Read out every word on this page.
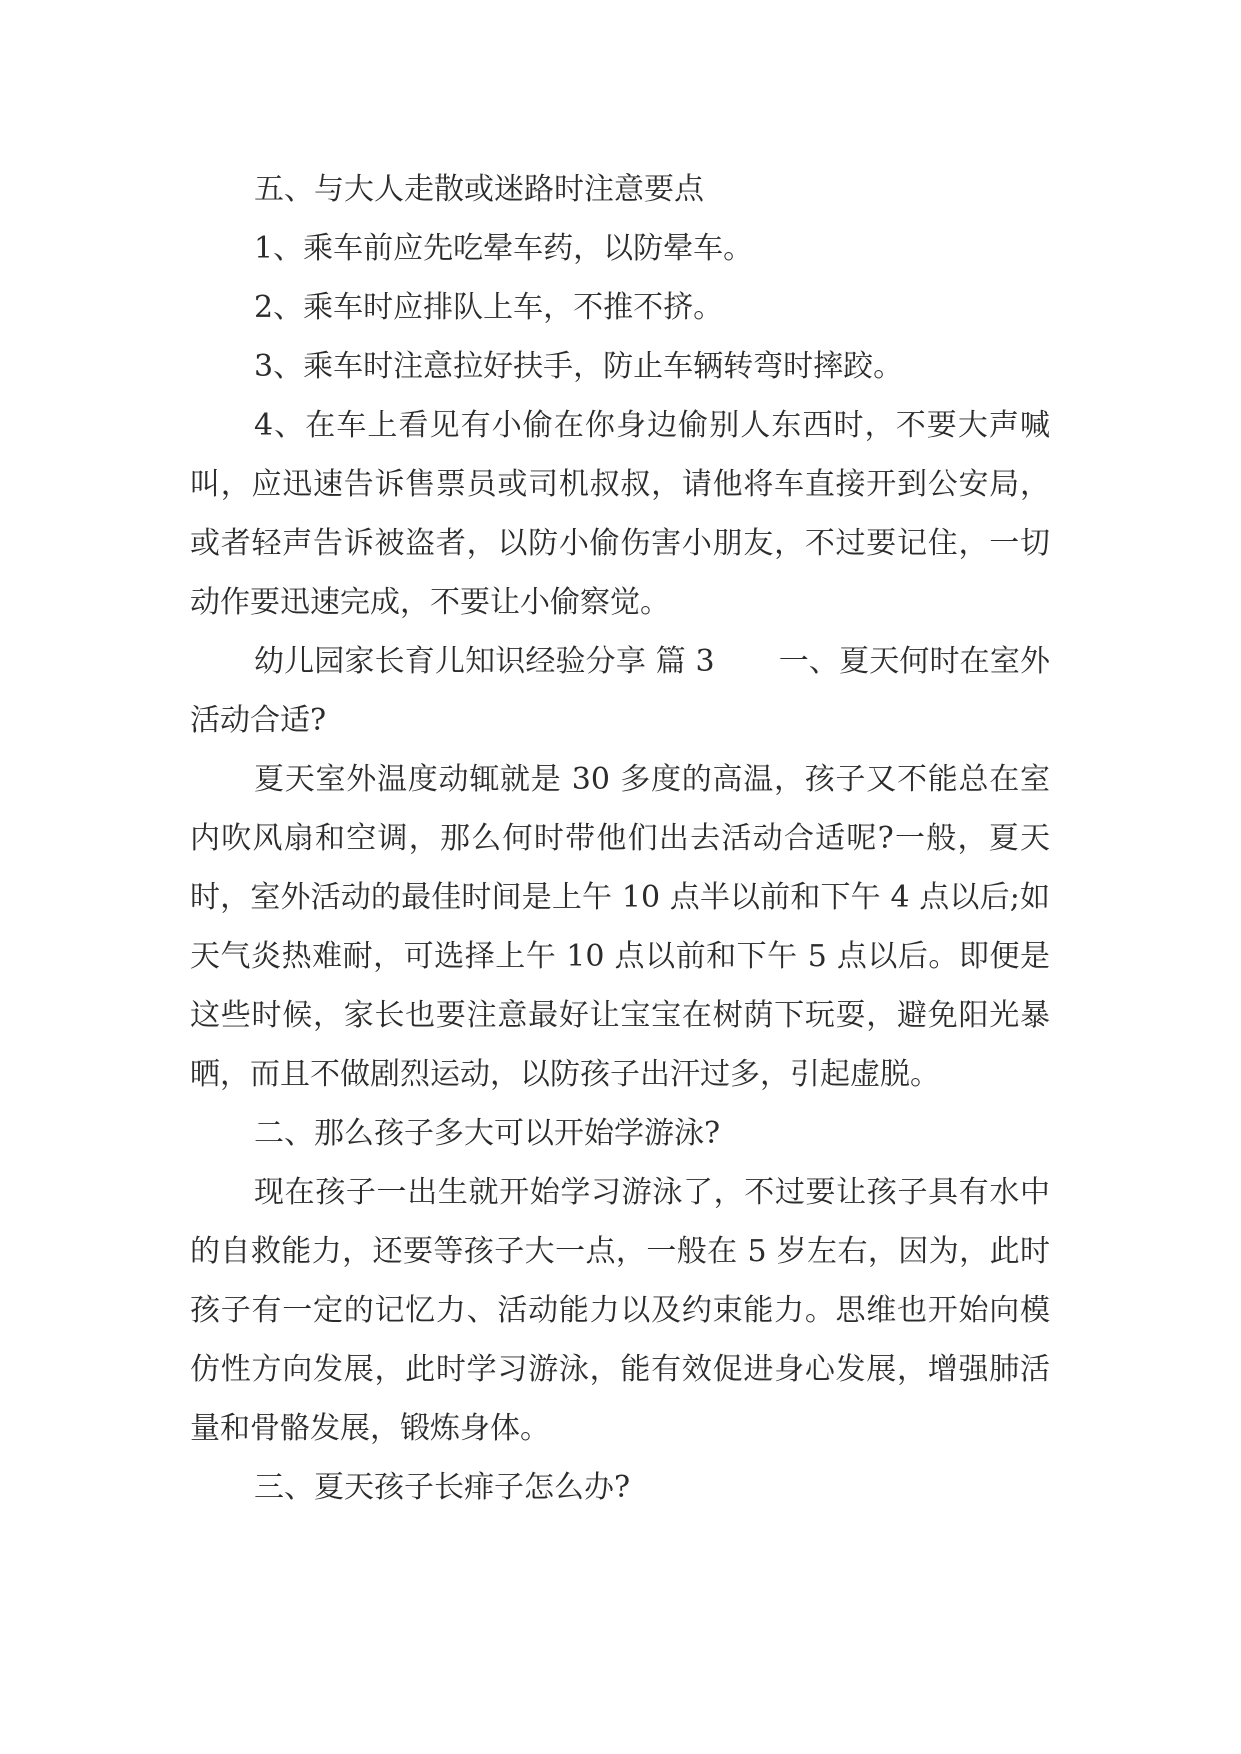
五、与大人走散或迷路时注意要点

1、乘车前应先吃晕车药，以防晕车。

2、乘车时应排队上车，不推不挤。

3、乘车时注意拉好扶手，防止车辆转弯时摔跤。

4、在车上看见有小偷在你身边偷别人东西时，不要大声喊叫，应迅速告诉售票员或司机叔叔，请他将车直接开到公安局，或者轻声告诉被盗者，以防小偷伤害小朋友，不过要记住，一切动作要迅速完成，不要让小偷察觉。

幼儿园家长育儿知识经验分享 篇 3 一、夏天何时在室外活动合适?

夏天室外温度动辄就是 30 多度的高温，孩子又不能总在室内吹风扇和空调，那么何时带他们出去活动合适呢?一般，夏天时，室外活动的最佳时间是上午 10 点半以前和下午 4 点以后;如天气炎热难耐，可选择上午 10 点以前和下午 5 点以后。即便是这些时候，家长也要注意最好让宝宝在树荫下玩耍，避免阳光暴晒，而且不做剧烈运动，以防孩子出汗过多，引起虚脱。

二、那么孩子多大可以开始学游泳?

现在孩子一出生就开始学习游泳了，不过要让孩子具有水中的自救能力，还要等孩子大一点，一般在 5 岁左右，因为，此时孩子有一定的记忆力、活动能力以及约束能力。思维也开始向模仿性方向发展，此时学习游泳，能有效促进身心发展，增强肺活量和骨骼发展，锻炼身体。

三、夏天孩子长痱子怎么办?
